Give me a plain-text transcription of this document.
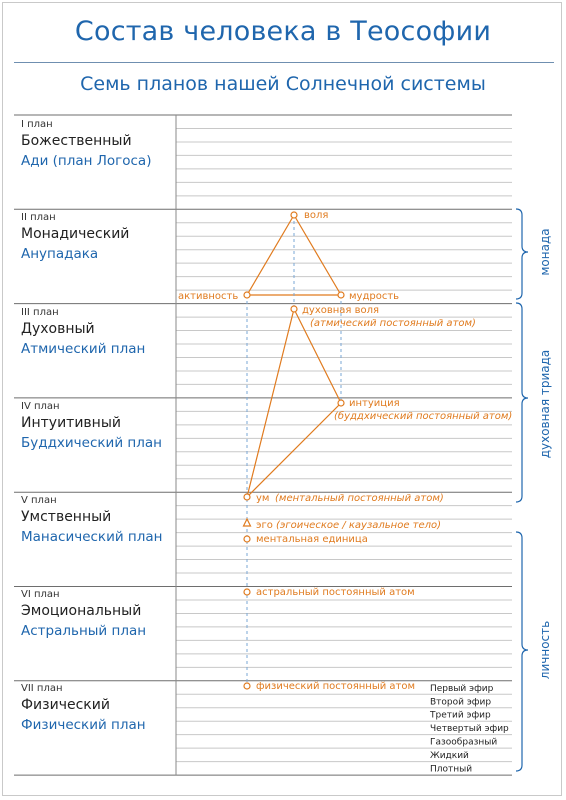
Состав человека в Теософии
Семь планов нашей Солнечной системы
I план
Божественный
Ади (план Логоса)
II план
Монадический
Анупадака
III план
Духовный
Атмический план
IV план
Интуитивный
Буддхический план
V план
Умственный
Манасический план
VI план
Эмоциональный
Астральный план
VII план
Физический
Физический план
воля
активность	мудрость
духовная воля
(атмический постоянный атом)
интуиция
(буддхический постоянный атом)
ум (ментальный постоянный атом)
эго (эгоическое / каузальное тело)
ментальная единица
астральный постоянный атом
физический постоянный атом Первый эфир
Второй эфир
Третий эфир
Четвертый эфир
Газообразный
Жидкий
Плотный
монада
духовная триада
личность
